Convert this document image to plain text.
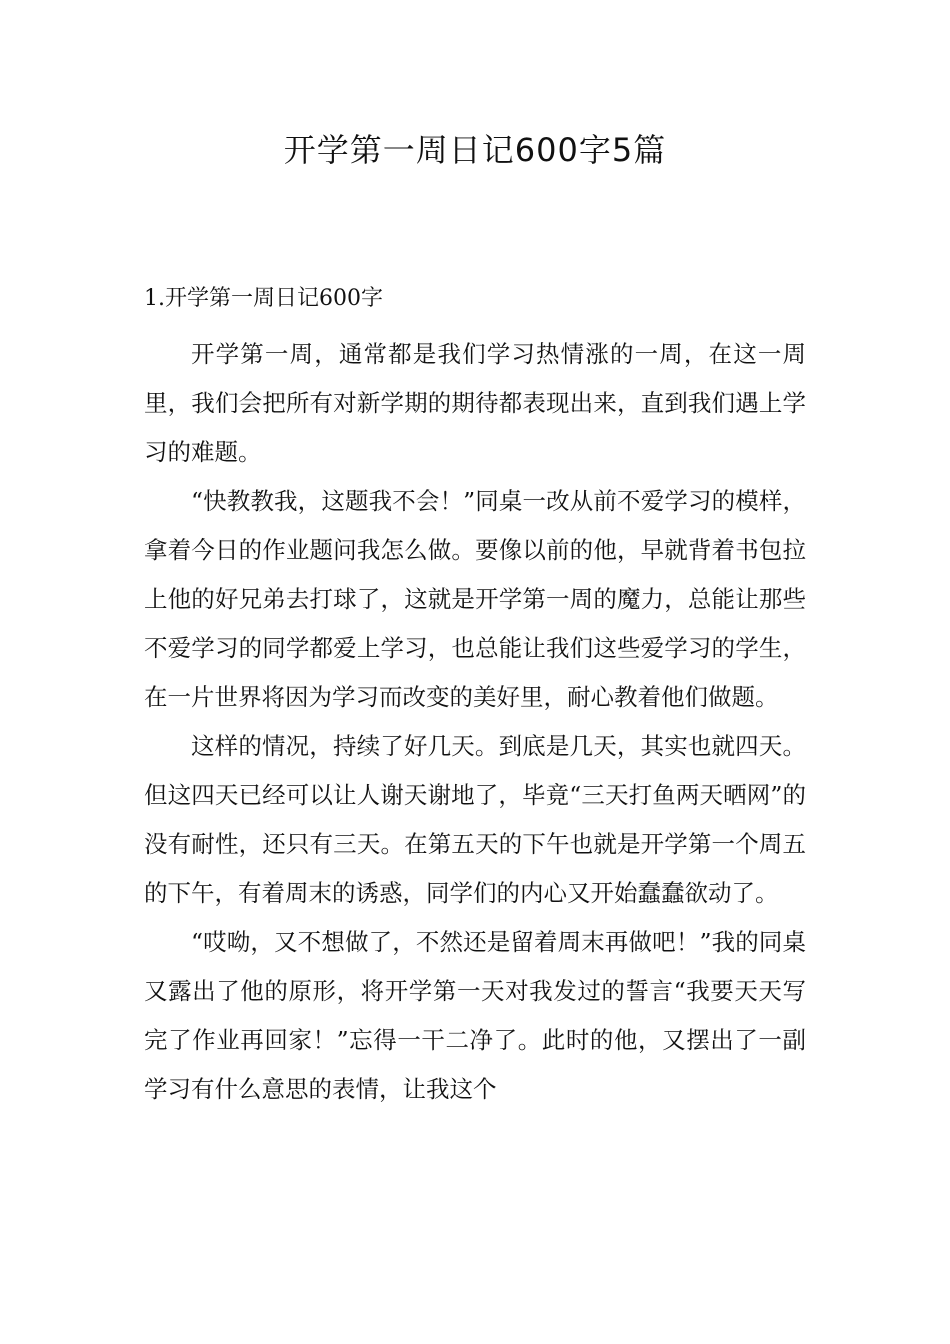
开学第一周日记600字5篇
1.开学第一周日记600字

开学第一周，通常都是我们学习热情涨的一周，在这一周里，我们会把所有对新学期的期待都表现出来，直到我们遇上学习的难题。

“快教教我，这题我不会！”同桌一改从前不爱学习的模样，拿着今日的作业题问我怎么做。要像以前的他，早就背着书包拉上他的好兄弟去打球了，这就是开学第一周的魔力，总能让那些不爱学习的同学都爱上学习，也总能让我们这些爱学习的学生，在一片世界将因为学习而改变的美好里，耐心教着他们做题。

这样的情况，持续了好几天。到底是几天，其实也就四天。但这四天已经可以让人谢天谢地了，毕竟“三天打鱼两天晒网”的没有耐性，还只有三天。在第五天的下午也就是开学第一个周五的下午，有着周末的诱惑，同学们的内心又开始蠢蠢欲动了。

“哎呦，又不想做了，不然还是留着周末再做吧！”我的同桌又露出了他的原形，将开学第一天对我发过的誓言“我要天天写完了作业再回家！”忘得一干二净了。此时的他，又摆出了一副学习有什么意思的表情，让我这个
